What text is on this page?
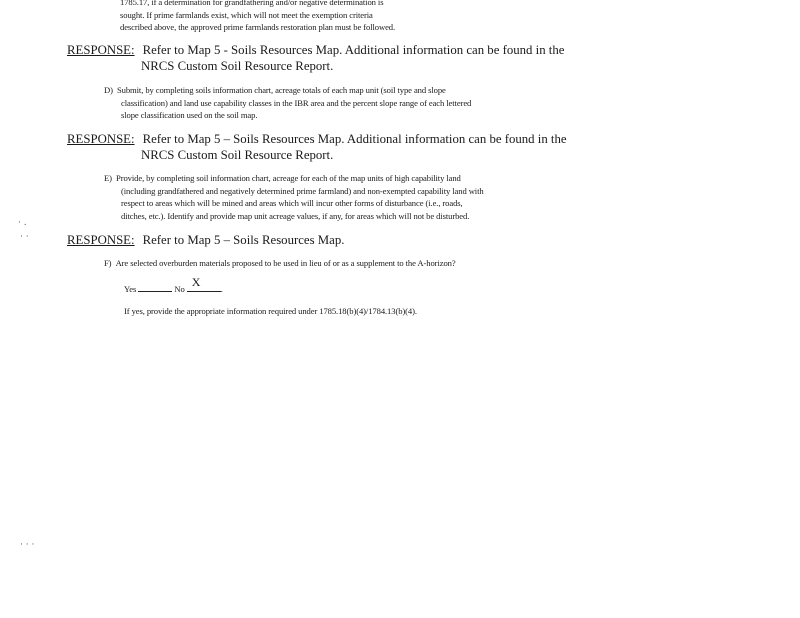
1785.17, if a determination for grandfathering and/or negative determination is
sought. If prime farmlands exist, which will not meet the exemption criteria
described above, the approved prime farmlands restoration plan must be followed.
RESPONSE: Refer to Map 5 - Soils Resources Map. Additional information can be found in the
NRCS Custom Soil Resource Report.
D) Submit, by completing soils information chart, acreage totals of each map unit (soil type and slope
classification) and land use capability classes in the IBR area and the percent slope range of each lettered
slope classification used on the soil map.
RESPONSE: Refer to Map 5 – Soils Resources Map. Additional information can be found in the
NRCS Custom Soil Resource Report.
E) Provide, by completing soil information chart, acreage for each of the map units of high capability land
(including grandfathered and negatively determined prime farmland) and non-exempted capability land with
respect to areas which will be mined and areas which will incur other forms of disturbance (i.e., roads,
ditches, etc.). Identify and provide map unit acreage values, if any, for areas which will not be disturbed.
RESPONSE: Refer to Map 5 – Soils Resources Map.
F) Are selected overburden materials proposed to be used in lieu of or as a supplement to the A-horizon?
Yes	No X .
If yes, provide the appropriate information required under 1785.18(b)(4)/1784.13(b)(4).
· .
· ·
· · ·
